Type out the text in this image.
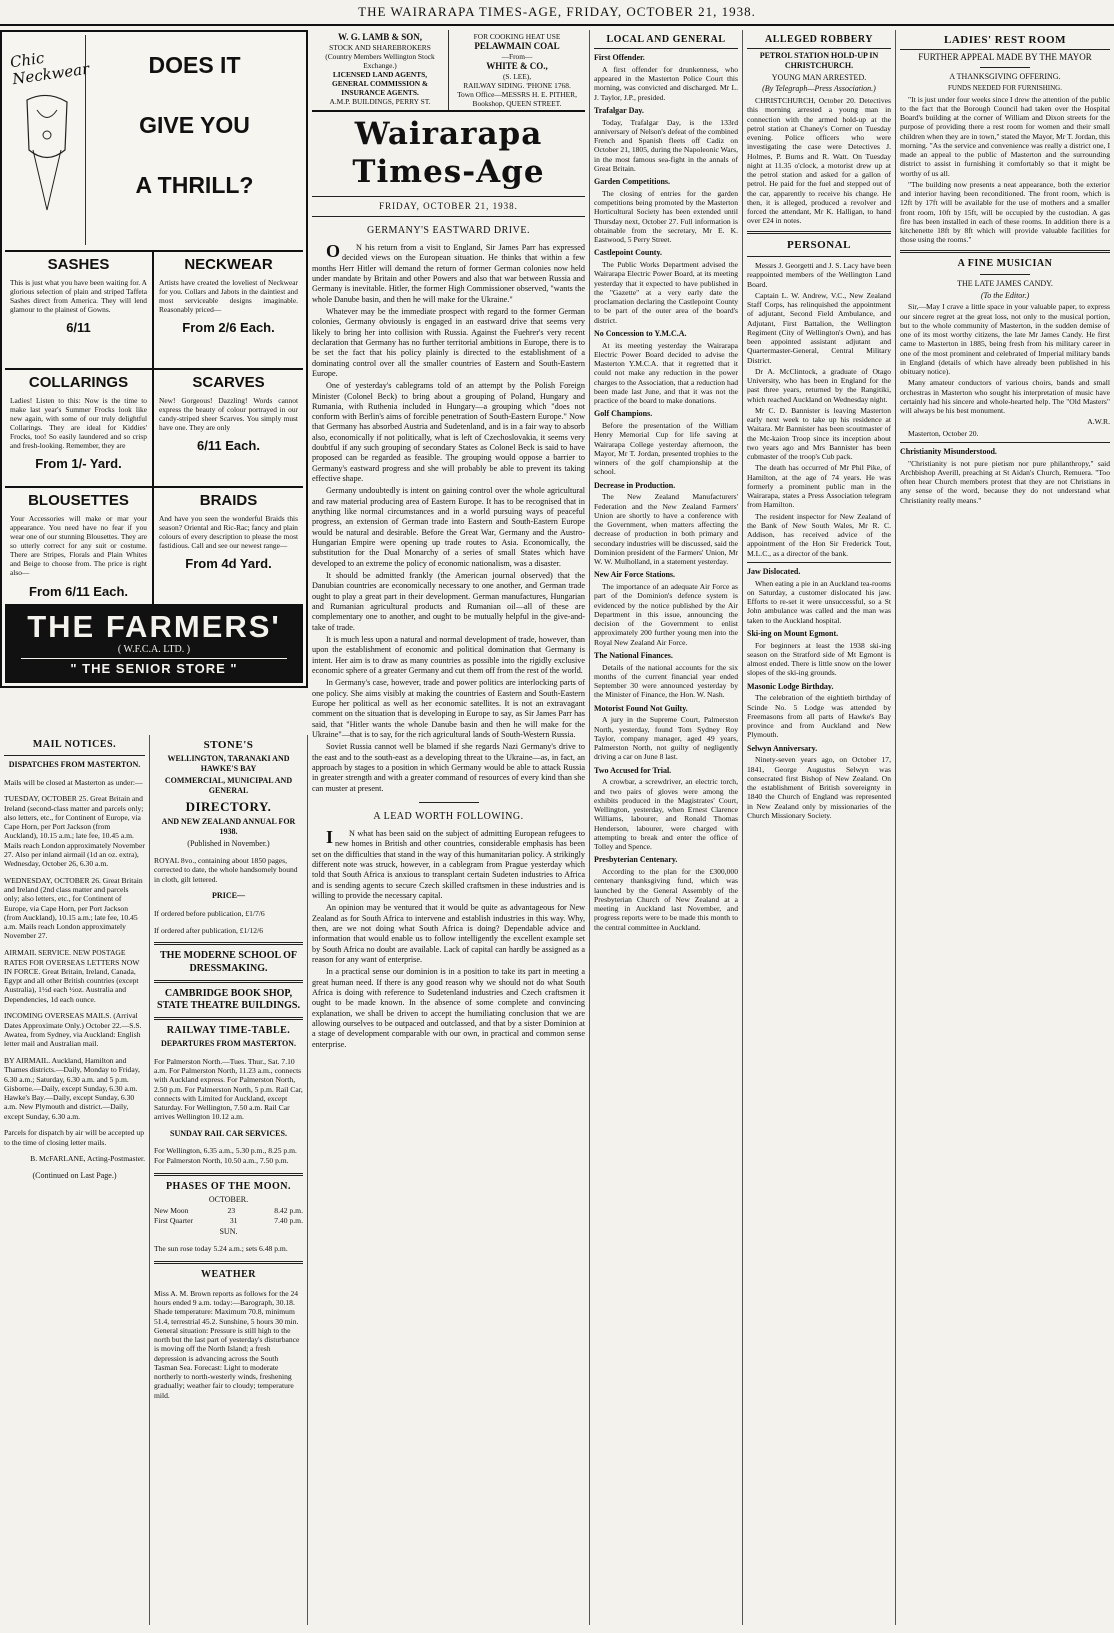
THE WAIRARAPA TIMES-AGE, FRIDAY, OCTOBER 21, 1938.
Chic Neckwear	DOES IT
GIVE YOU
A THRILL?
SASHES
This is just what you have been waiting for. A glorious selection of plain and striped Taffeta Sashes direct from America. They will lend glamour to the plainest of Gowns.
6/11
NECKWEAR
Artists have created the loveliest of Neckwear for you. Collars and Jabots in the daintiest and most serviceable designs imaginable. Reasonably priced—
From 2/6 Each.
COLLARINGS
Ladies! Listen to this: Now is the time to make last year's Summer Frocks look like new again, with some of our truly delightful Collarings. They are ideal for Kiddies' Frocks, too! So easily laundered and so crisp and fresh-looking. Remember, they are
From 1/- Yard.
SCARVES
New! Gorgeous! Dazzling! Words cannot express the beauty of colour portrayed in our candy-striped sheer Scarves. You simply must have one. They are only
6/11 Each.
BLOUSETTES
Your Accessories will make or mar your appearance. You need have no fear if you wear one of our stunning Blousettes. They are so utterly correct for any suit or costume. There are Stripes, Florals and Plain Whites and Beige to choose from. The price is right also—
From 6/11 Each.
BRAIDS
And have you seen the wonderful Braids this season? Oriental and Ric-Rac; fancy and plain colours of every description to please the most fastidious. Call and see our newest range—
From 4d Yard.
THE FARMERS'
( W.F.C.A. LTD. )
" THE SENIOR STORE "
MAIL NOTICES.
DISPATCHES FROM MASTERTON.

Mails will be closed at Masterton as under:—

TUESDAY, OCTOBER 25. Great Britain and Ireland (second-class matter and parcels only; also letters, etc., for Continent of Europe, via Cape Horn, per Port Jackson (from Auckland), 10.15 a.m.; late fee, 10.45 a.m. Mails reach London approximately November 27. Also per inland airmail (1d an oz. extra), Wednesday, October 26, 6.30 a.m.

WEDNESDAY, OCTOBER 26. Great Britain and Ireland (2nd class matter and parcels only; also letters, etc., for Continent of Europe, via Cape Horn, per Port Jackson (from Auckland), 10.15 a.m.; late fee, 10.45 a.m. Mails reach London approximately November 27.

AIRMAIL SERVICE. NEW POSTAGE RATES FOR OVERSEAS LETTERS NOW IN FORCE. Great Britain, Ireland, Canada, Egypt and all other British countries (except Australia), 1½d each ½oz. Australia and Dependencies, 1d each ounce.

INCOMING OVERSEAS MAILS. (Arrival Dates Approximate Only.) October 22.—S.S. Awatea, from Sydney, via Auckland: English letter mail and Australian mail.

BY AIRMAIL. Auckland, Hamilton and Thames districts.—Daily, Monday to Friday, 6.30 a.m.; Saturday, 6.30 a.m. and 5 p.m. Gisborne.—Daily, except Sunday, 6.30 a.m. Hawke's Bay.—Daily, except Sunday, 6.30 a.m. New Plymouth and district.—Daily, except Sunday, 6.30 a.m.

Parcels for dispatch by air will be accepted up to the time of closing letter mails.

B. McFARLANE, Acting-Postmaster.

(Continued on Last Page.)
STONE'S
WELLINGTON, TARANAKI AND HAWKE'S BAY
COMMERCIAL, MUNICIPAL AND GENERAL
DIRECTORY.
AND NEW ZEALAND ANNUAL FOR 1938.
(Published in November.)

ROYAL 8vo., containing about 1850 pages, corrected to date, the whole handsomely bound in cloth, gilt lettered.

PRICE—

If ordered before publication, £1/7/6

If ordered after publication, £1/12/6

THE MODERNE SCHOOL OF DRESSMAKING.
CAMBRIDGE BOOK SHOP, STATE THEATRE BUILDINGS.
RAILWAY TIME-TABLE.
DEPARTURES FROM MASTERTON.

For Palmerston North.—Tues. Thur., Sat. 7.10 a.m. For Palmerston North, 11.23 a.m., connects with Auckland express. For Palmerston North, 2.50 p.m. For Palmerston North, 5 p.m. Rail Car, connects with Limited for Auckland, except Saturday. For Wellington, 7.50 a.m. Rail Car arrives Wellington 10.12 a.m.

SUNDAY RAIL CAR SERVICES.

For Wellington, 6.35 a.m., 5.30 p.m., 8.25 p.m. For Palmerston North, 10.50 a.m., 7.50 p.m.

PHASES OF THE MOON.
OCTOBER.
New Moon	23	8.42 p.m.
First Quarter	31	7.40 p.m.
SUN.

The sun rose today 5.24 a.m.; sets 6.48 p.m.

WEATHER

Miss A. M. Brown reports as follows for the 24 hours ended 9 a.m. today:—Barograph, 30.18. Shade temperature: Maximum 70.8, minimum 51.4, terrestrial 45.2. Sunshine, 5 hours 30 min. General situation: Pressure is still high to the north but the last part of yesterday's disturbance is moving off the North Island; a fresh depression is advancing across the South Tasman Sea. Forecast: Light to moderate northerly to north-westerly winds, freshening gradually; weather fair to cloudy; temperature mild.

W. G. LAMB & SON,
STOCK AND SHAREBROKERS
(Country Members Wellington Stock Exchange.)
LICENSED LAND AGENTS, GENERAL COMMISSION & INSURANCE AGENTS.
A.M.P. BUILDINGS, PERRY ST.
FOR COOKING HEAT USE
PELAWMAIN COAL
—From—
WHITE & CO.,
(S. LEE),
RAILWAY SIDING. 'PHONE 1768.
Town Office—MESSRS H. E. PITHER, Bookshop, QUEEN STREET.
Wairarapa Times-Age
FRIDAY, OCTOBER 21, 1938.
GERMANY'S EASTWARD DRIVE.

ON his return from a visit to England, Sir James Parr has expressed decided views on the European situation. He thinks that within a few months Herr Hitler will demand the return of former German colonies now held under mandate by Britain and other Powers and also that war between Russia and Germany is inevitable. Hitler, the former High Commissioner observed, "wants the whole Danube basin, and then he will make for the Ukraine."

Whatever may be the immediate prospect with regard to the former German colonies, Germany obviously is engaged in an eastward drive that seems very likely to bring her into collision with Russia. Against the Fuehrer's very recent declaration that Germany has no further territorial ambitions in Europe, there is to be set the fact that his policy plainly is directed to the establishment of a dominating control over all the smaller countries of Eastern and South-Eastern Europe.

One of yesterday's cablegrams told of an attempt by the Polish Foreign Minister (Colonel Beck) to bring about a grouping of Poland, Hungary and Rumania, with Ruthenia included in Hungary—a grouping which "does not conform with Berlin's aims of forcible penetration of South-Eastern Europe." Now that Germany has absorbed Austria and Sudetenland, and is in a fair way to absorb also, economically if not politically, what is left of Czechoslovakia, it seems very doubtful if any such grouping of secondary States as Colonel Beck is said to have proposed can be regarded as feasible. The grouping would oppose a barrier to Germany's eastward progress and she will probably be able to prevent its taking effective shape.

Germany undoubtedly is intent on gaining control over the whole agricultural and raw material producing area of Eastern Europe. It has to be recognised that in anything like normal circumstances and in a world pursuing ways of peaceful progress, an extension of German trade into Eastern and South-Eastern Europe would be natural and desirable. Before the Great War, Germany and the Austro-Hungarian Empire were opening up trade routes to Asia. Economically, the substitution for the Dual Monarchy of a series of small States which have developed to an extreme the policy of economic nationalism, was a disaster.

It should be admitted frankly (the American journal observed) that the Danubian countries are economically necessary to one another, and German trade ought to play a great part in their development. German manufactures, Hungarian and Rumanian agricultural products and Rumanian oil—all of these are complementary one to another, and ought to be mutually helpful in the give-and-take of trade.

It is much less upon a natural and normal development of trade, however, than upon the establishment of economic and political domination that Germany is intent. Her aim is to draw as many countries as possible into the rigidly exclusive economic sphere of a greater Germany and cut them off from the rest of the world.

In Germany's case, however, trade and power politics are interlocking parts of one policy. She aims visibly at making the countries of Eastern and South-Eastern Europe her political as well as her economic satellites. It is not an extravagant comment on the situation that is developing in Europe to say, as Sir James Parr has said, that "Hitler wants the whole Danube basin and then he will make for the Ukraine"—that is to say, for the rich agricultural lands of South-Western Russia.

Soviet Russia cannot well be blamed if she regards Nazi Germany's drive to the east and to the south-east as a developing threat to the Ukraine—as, in fact, an approach by stages to a position in which Germany would be able to attack Russia in greater strength and with a greater command of resources of every kind than she can muster at present.

A LEAD WORTH FOLLOWING.

IN what has been said on the subject of admitting European refugees to new homes in British and other countries, considerable emphasis has been set on the difficulties that stand in the way of this humanitarian policy. A strikingly different note was struck, however, in a cablegram from Prague yesterday which told that South Africa is anxious to transplant certain Sudeten industries to Africa and is sending agents to secure Czech skilled craftsmen in these industries and is willing to provide the necessary capital.

An opinion may be ventured that it would be quite as advantageous for New Zealand as for South Africa to intervene and establish industries in this way. Why, then, are we not doing what South Africa is doing? Dependable advice and information that would enable us to follow intelligently the excellent example set by South Africa no doubt are available. Lack of capital can hardly be assigned as a reason for any want of enterprise.

In a practical sense our dominion is in a position to take its part in meeting a great human need. If there is any good reason why we should not do what South Africa is doing with reference to Sudetenland industries and Czech craftsmen it ought to be made known. In the absence of some complete and convincing explanation, we shall be driven to accept the humiliating conclusion that we are allowing ourselves to be outpaced and outclassed, and that by a sister Dominion at a stage of development comparable with our own, in practical and common sense enterprise.

LOCAL AND GENERAL
First Offender.

A first offender for drunkenness, who appeared in the Masterton Police Court this morning, was convicted and discharged. Mr L. J. Taylor, J.P., presided.

Trafalgar Day.

Today, Trafalgar Day, is the 133rd anniversary of Nelson's defeat of the combined French and Spanish fleets off Cadiz on October 21, 1805, during the Napoleonic Wars, in the most famous sea-fight in the annals of Great Britain.

Garden Competitions.

The closing of entries for the garden competitions being promoted by the Masterton Horticultural Society has been extended until Thursday next, October 27. Full information is obtainable from the secretary, Mr E. K. Eastwood, 5 Perry Street.

Castlepoint County.

The Public Works Department advised the Wairarapa Electric Power Board, at its meeting yesterday that it expected to have published in the "Gazette" at a very early date the proclamation declaring the Castlepoint County to be part of the outer area of the board's district.

No Concession to Y.M.C.A.

At its meeting yesterday the Wairarapa Electric Power Board decided to advise the Masterton Y.M.C.A. that it regretted that it could not make any reduction in the power charges to the Association, that a reduction had been made last June, and that it was not the practice of the board to make donations.

Golf Champions.

Before the presentation of the William Henry Memorial Cup for life saving at Wairarapa College yesterday afternoon, the Mayor, Mr T. Jordan, presented trophies to the winners of the golf championship at the school.

Decrease in Production.

The New Zealand Manufacturers' Federation and the New Zealand Farmers' Union are shortly to have a conference with the Government, when matters affecting the decrease of production in both primary and secondary industries will be discussed, said the Dominion president of the Farmers' Union, Mr W. W. Mulholland, in a statement yesterday.

New Air Force Stations.

The importance of an adequate Air Force as part of the Dominion's defence system is evidenced by the notice published by the Air Department in this issue, announcing the decision of the Government to enlist approximately 200 further young men into the Royal New Zealand Air Force.

The National Finances.

Details of the national accounts for the six months of the current financial year ended September 30 were announced yesterday by the Minister of Finance, the Hon. W. Nash.

Motorist Found Not Guilty.

A jury in the Supreme Court, Palmerston North, yesterday, found Tom Sydney Roy Taylor, company manager, aged 49 years, Palmerston North, not guilty of negligently driving a car on June 8 last.

Two Accused for Trial.

A crowbar, a screwdriver, an electric torch, and two pairs of gloves were among the exhibits produced in the Magistrates' Court, Wellington, yesterday, when Ernest Clarence Williams, labourer, and Ronald Thomas Henderson, labourer, were charged with attempting to break and enter the office of Tolley and Spence.

Presbyterian Centenary.

According to the plan for the £300,000 centenary thanksgiving fund, which was launched by the General Assembly of the Presbyterian Church of New Zealand at a meeting in Auckland last November, and progress reports were to be made this month to the central committee in Auckland.

ALLEGED ROBBERY
PETROL STATION HOLD-UP IN CHRISTCHURCH.
YOUNG MAN ARRESTED.
(By Telegraph—Press Association.)

CHRISTCHURCH, October 20. Detectives this morning arrested a young man in connection with the armed hold-up at the petrol station at Chaney's Corner on Tuesday evening. Police officers who were investigating the case were Detectives J. Holmes, P. Burns and R. Watt. On Tuesday night at 11.35 o'clock, a motorist drew up at the petrol station and asked for a gallon of petrol. He paid for the fuel and stepped out of the car, apparently to receive his change. He then, it is alleged, produced a revolver and forced the attendant, Mr K. Halligan, to hand over £24 in notes.

PERSONAL

Messrs J. Georgetti and J. S. Lacy have been reappointed members of the Wellington Land Board.

Captain L. W. Andrew, V.C., New Zealand Staff Corps, has relinquished the appointment of adjutant, Second Field Ambulance, and Adjutant, First Battalion, the Wellington Regiment (City of Wellington's Own), and has been appointed assistant adjutant and Quartermaster-General, Central Military District.

Dr A. McClintock, a graduate of Otago University, who has been in England for the past three years, returned by the Rangitiki, which reached Auckland on Wednesday night.

Mr C. D. Bannister is leaving Masterton early next week to take up his residence at Waitara. Mr Bannister has been scoutmaster of the Mc-kaion Troop since its inception about two years ago and Mrs Bannister has been cubmaster of the troop's Cub pack.

The death has occurred of Mr Phil Pike, of Hamilton, at the age of 74 years. He was formerly a prominent public man in the Wairarapa, states a Press Association telegram from Hamilton.

The resident inspector for New Zealand of the Bank of New South Wales, Mr R. C. Addison, has received advice of the appointment of the Hon Sir Frederick Tout, M.L.C., as a director of the bank.

Jaw Dislocated.

When eating a pie in an Auckland tea-rooms on Saturday, a customer dislocated his jaw. Efforts to re-set it were unsuccessful, so a St John ambulance was called and the man was taken to the Auckland hospital.

Ski-ing on Mount Egmont.

For beginners at least the 1938 ski-ing season on the Stratford side of Mt Egmont is almost ended. There is little snow on the lower slopes of the ski-ing grounds.

Masonic Lodge Birthday.

The celebration of the eightieth birthday of Scinde No. 5 Lodge was attended by Freemasons from all parts of Hawke's Bay province and from Auckland and New Plymouth.

Selwyn Anniversary.

Ninety-seven years ago, on October 17, 1841, George Augustus Selwyn was consecrated first Bishop of New Zealand. On the establishment of British sovereignty in 1840 the Church of England was represented in New Zealand only by missionaries of the Church Missionary Society.

LADIES' REST ROOM
FURTHER APPEAL MADE BY THE MAYOR
A THANKSGIVING OFFERING.
FUNDS NEEDED FOR FURNISHING.

"It is just under four weeks since I drew the attention of the public to the fact that the Borough Council had taken over the Hospital Board's building at the corner of William and Dixon streets for the purpose of providing there a rest room for women and their small children when they are in town," stated the Mayor, Mr T. Jordan, this morning. "As the service and convenience was really a district one, I made an appeal to the public of Masterton and the surrounding district to assist in furnishing it comfortably so that it might be worthy of us all.

"The building now presents a neat appearance, both the exterior and interior having been reconditioned. The front room, which is 12ft by 17ft will be available for the use of mothers and a smaller front room, 10ft by 15ft, will be occupied by the custodian. A gas fire has been installed in each of these rooms. In addition there is a kitchenette 18ft by 8ft which will provide valuable facilities for those using the rooms."

A FINE MUSICIAN
THE LATE JAMES CANDY.
(To the Editor.)

Sir,—May I crave a little space in your valuable paper, to express our sincere regret at the great loss, not only to the musical portion, but to the whole community of Masterton, in the sudden demise of one of its most worthy citizens, the late Mr James Candy. He first came to Masterton in 1885, being fresh from his military career in one of the most prominent and celebrated of Imperial military bands in England (details of which have already been published in his obituary notice).

Many amateur conductors of various choirs, bands and small orchestras in Masterton who sought his interpretation of music have certainly had his sincere and whole-hearted help. The "Old Masters" will always be his best monument.

A.W.R.

Masterton, October 20.

Christianity Misunderstood.

"Christianity is not pure pietism nor pure philanthropy," said Archbishop Averill, preaching at St Aidan's Church, Remuera. "Too often hear Church members protest that they are not Christians in any sense of the word, because they do not understand what Christianity really means."
